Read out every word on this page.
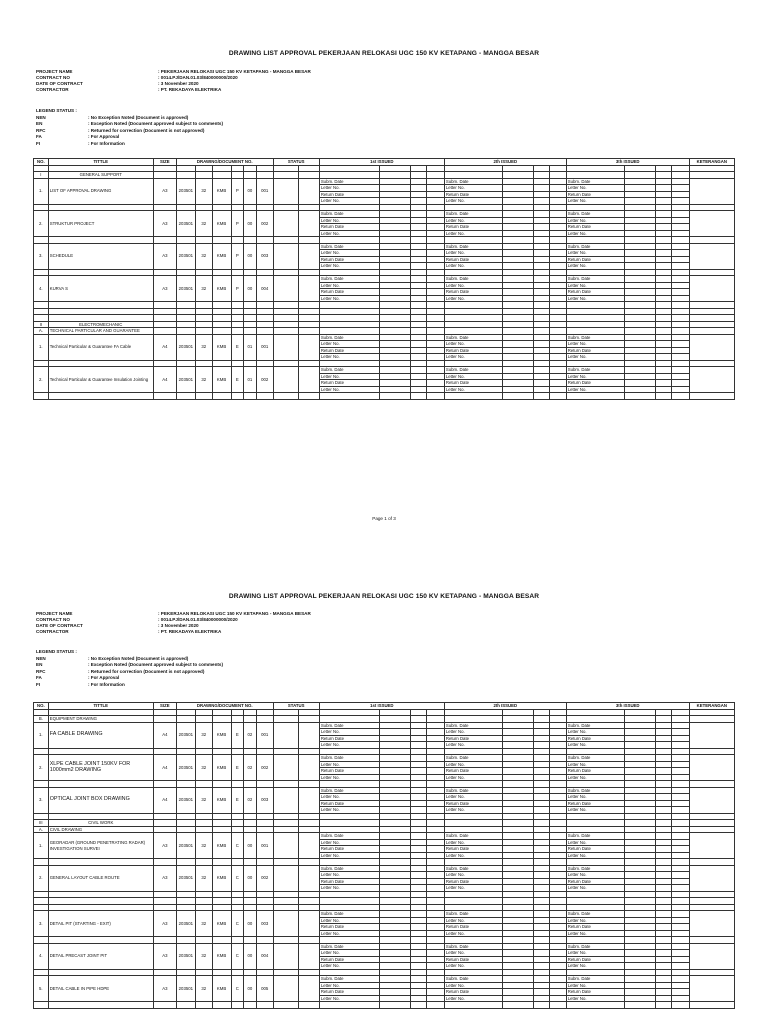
DRAWING LIST APPROVAL PEKERJAAN RELOKASI UGC 150 KV KETAPANG - MANGGA BESAR
PROJECT NAME	: PEKERJAAN RELOKASI UGC 150 KV KETAPANG - MANGGA BESAR
CONTRACT NO	: 0014.PJ/DAN.01.03/840000000/2020
DATE OF CONTRACT	: 3 November 2020
CONTRACTOR	: PT. REKADAYA ELEKTRIKA
LEGEND STATUS :
NEN	: No Exception Noted (Document is approved)
EN	: Exception Noted (Document approved subject to comments)
RFC	: Returned for correction (Document is not approved)
FA	: For Approval
FI	: For Information
NO.	TITTLE	SIZE	DRAWING/DOCUMENT NO.						STATUS		1st ISSUED				2th ISSUED				3th ISSUED				KETERANGAN

I	GENERAL SUPPORT																						
1.	LIST OF APPROVAL DRAWING	A3	203501	32	KMB	P	00	001			Subm. Date				Subm. Date				Subm. Date				
											Letter No.				Letter No.				Letter No.				
											Return Date				Return Date				Return Date				
											Letter No.				Letter No.				Letter No.				

2.	STRUKTUR PROJECT	A3	203501	32	KMB	P	00	002			Subm. Date				Subm. Date				Subm. Date				
											Letter No.				Letter No.				Letter No.				
											Return Date				Return Date				Return Date				
											Letter No.				Letter No.				Letter No.				

3.	SCHEDULE	A3	203501	32	KMB	P	00	003			Subm. Date				Subm. Date				Subm. Date				
											Letter No.				Letter No.				Letter No.				
											Return Date				Return Date				Return Date				
											Letter No.				Letter No.				Letter No.				

4.	KURVA S	A3	203501	32	KMB	P	00	004			Subm. Date				Subm. Date				Subm. Date				
											Letter No.				Letter No.				Letter No.				
											Return Date				Return Date				Return Date				
											Letter No.				Letter No.				Letter No.				

II	ELECTROMECHANIC																						
A.	TECHNICAL PARTICULAR AND GUARANTEE																						
1.	Technical Particular & Guarantee FA Cable	A4	203501	32	KMB	E	01	001			Subm. Date				Subm. Date				Subm. Date				
											Letter No.				Letter No.				Letter No.				
											Return Date				Return Date				Return Date				
											Letter No.				Letter No.				Letter No.				

2.	Technical Particular & Guarantee Insulation Jointing	A4	203501	32	KMB	E	01	002			Subm. Date				Subm. Date				Subm. Date				
											Letter No.				Letter No.				Letter No.				
											Return Date				Return Date				Return Date				
											Letter No.				Letter No.				Letter No.				

Page 1 of 3
DRAWING LIST APPROVAL PEKERJAAN RELOKASI UGC 150 KV KETAPANG - MANGGA BESAR
PROJECT NAME	: PEKERJAAN RELOKASI UGC 150 KV KETAPANG - MANGGA BESAR
CONTRACT NO	: 0014.PJ/DAN.01.03/840000000/2020
DATE OF CONTRACT	: 3 November 2020
CONTRACTOR	: PT. REKADAYA ELEKTRIKA
LEGEND STATUS :
NEN	: No Exception Noted (Document is approved)
EN	: Exception Noted (Document approved subject to comments)
RFC	: Returned for correction (Document is not approved)
FA	: For Approval
FI	: For Information
NO.	TITTLE	SIZE	DRAWING/DOCUMENT NO.						STATUS		1st ISSUED				2th ISSUED				3th ISSUED				KETERANGAN

B.	EQUIPMENT DRAWING																						
1.	FA CABLE DRAWING	A4	203501	32	KMB	E	02	001			Subm. Date				Subm. Date				Subm. Date				
											Letter No.				Letter No.				Letter No.				
											Return Date				Return Date				Return Date				
											Letter No.				Letter No.				Letter No.				

2.	XLPE CABLE JOINT 150KV FOR 1000mm2 DRAWING	A4	203501	32	KMB	E	02	002			Subm. Date				Subm. Date				Subm. Date				
											Letter No.				Letter No.				Letter No.				
											Return Date				Return Date				Return Date				
											Letter No.				Letter No.				Letter No.				

3.	OPTICAL JOINT BOX DRAWING	A4	203501	32	KMB	E	02	003			Subm. Date				Subm. Date				Subm. Date				
											Letter No.				Letter No.				Letter No.				
											Return Date				Return Date				Return Date				
											Letter No.				Letter No.				Letter No.				

III	CIVIL WORK																						
A.	CIVIL DRAWING																						
1.	GEORADAR (GROUND PENETRATING RADAR) INVESTIGATION SURVEI	A3	203501	32	KMB	C	00	001			Subm. Date				Subm. Date				Subm. Date				
											Letter No.				Letter No.				Letter No.				
											Return Date				Return Date				Return Date				
											Letter No.				Letter No.				Letter No.				

2.	GENERAL LAYOUT CABLE ROUTE	A3	203501	32	KMB	C	00	002			Subm. Date				Subm. Date				Subm. Date				
											Letter No.				Letter No.				Letter No.				
											Return Date				Return Date				Return Date				
											Letter No.				Letter No.				Letter No.				

3.	DETAIL PIT (STARTING - EXIT)	A3	203501	32	KMB	C	00	003			Subm. Date				Subm. Date				Subm. Date				
											Letter No.				Letter No.				Letter No.				
											Return Date				Return Date				Return Date				
											Letter No.				Letter No.				Letter No.				

4.	DETAIL PRECAST JOINT PIT	A3	203501	32	KMB	C	00	004			Subm. Date				Subm. Date				Subm. Date				
											Letter No.				Letter No.				Letter No.				
											Return Date				Return Date				Return Date				
											Letter No.				Letter No.				Letter No.				

5.	DETAIL CABLE IN PIPE HDPE	A3	203501	32	KMB	C	00	005			Subm. Date				Subm. Date				Subm. Date				
											Letter No.				Letter No.				Letter No.				
											Return Date				Return Date				Return Date				
											Letter No.				Letter No.				Letter No.				
